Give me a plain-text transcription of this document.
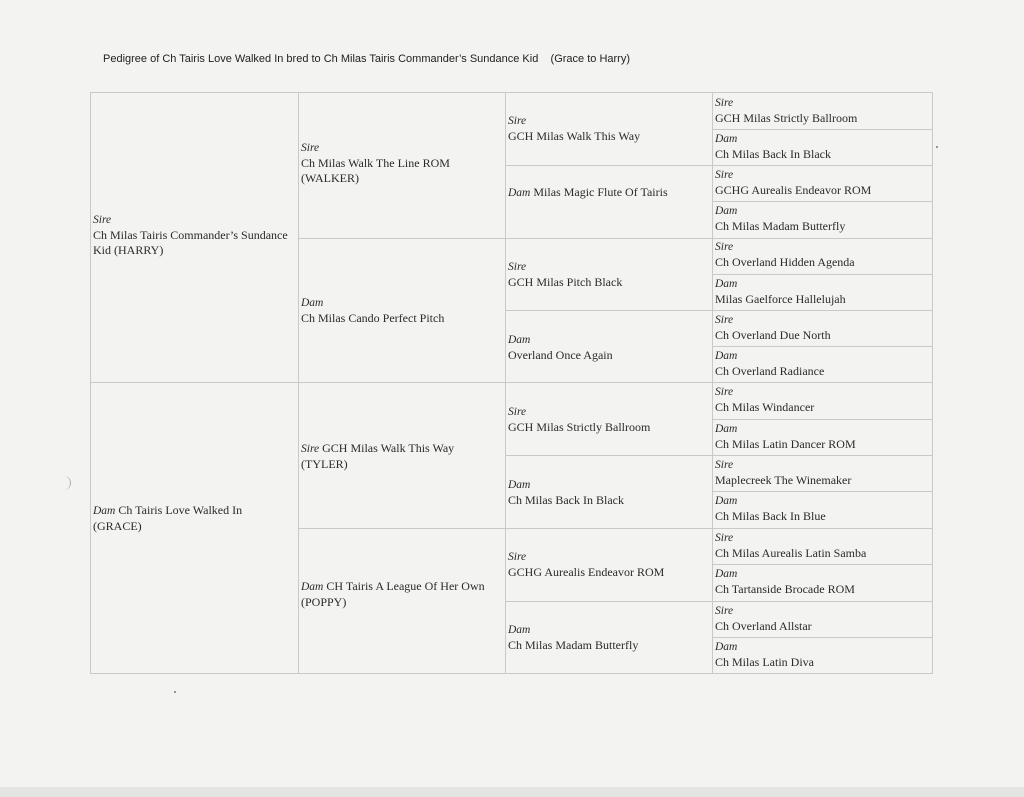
Pedigree of Ch Tairis Love Walked In bred to Ch Milas Tairis Commander’s Sundance Kid    (Grace to Harry)
Sire
Ch Milas Tairis Commander’s Sundance Kid (HARRY)
Dam Ch Tairis Love Walked In (GRACE)
Sire
Ch Milas Walk The Line ROM (WALKER)
Dam
Ch Milas Cando Perfect Pitch
Sire GCH Milas Walk This Way (TYLER)
Dam CH Tairis A League Of Her Own (POPPY)
Sire
GCH Milas Walk This Way
Dam Milas Magic Flute Of Tairis
Sire
GCH Milas Pitch Black
Dam
Overland Once Again
Sire
GCH Milas Strictly Ballroom
Dam
Ch Milas Back In Black
Sire
GCHG Aurealis Endeavor ROM
Dam
Ch Milas Madam Butterfly
Sire
GCH Milas Strictly Ballroom
Dam
Ch Milas Back In Black
Sire
GCHG Aurealis Endeavor ROM
Dam
Ch Milas Madam Butterfly
Sire
Ch Overland Hidden Agenda
Dam
Milas Gaelforce Hallelujah
Sire
Ch Overland Due North
Dam
Ch Overland Radiance
Sire
Ch Milas Windancer
Dam
Ch Milas Latin Dancer ROM
Sire
Maplecreek The Winemaker
Dam
Ch Milas Back In Blue
Sire
Ch Milas Aurealis Latin Samba
Dam
Ch Tartanside Brocade ROM
Sire
Ch Overland Allstar
Dam
Ch Milas Latin Diva
